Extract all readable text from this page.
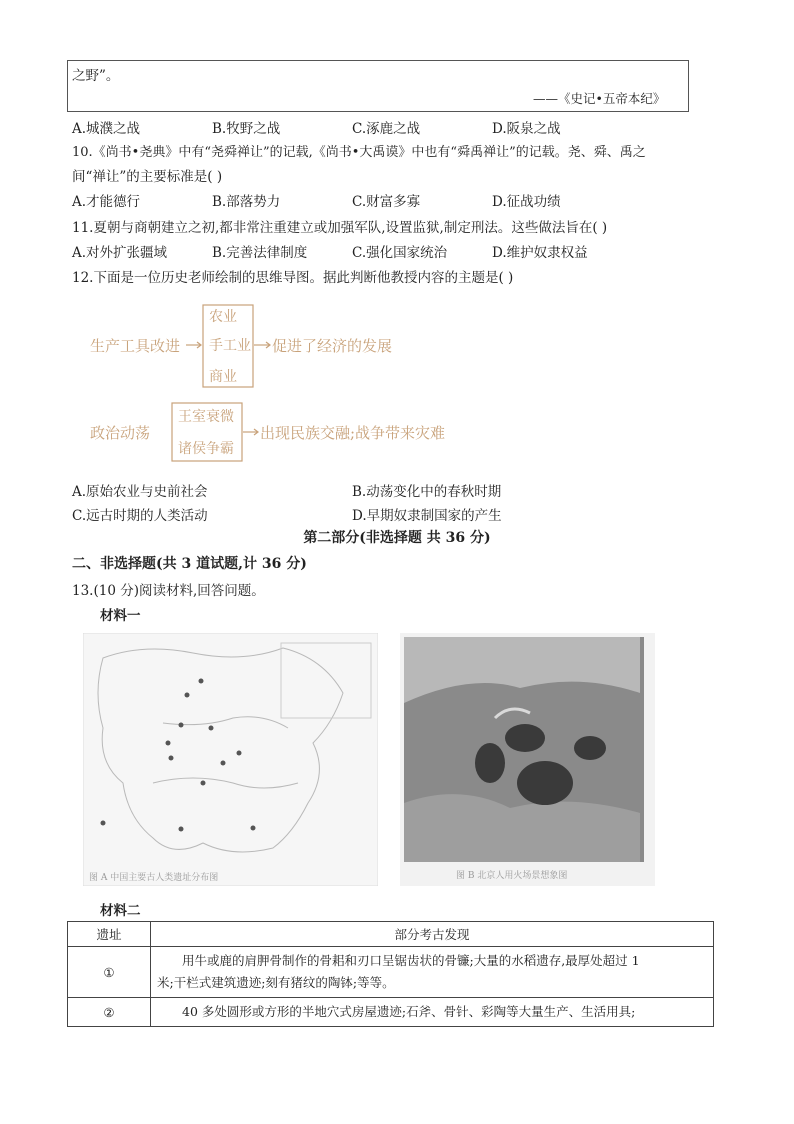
之野”。
——《史记•五帝本纪》
A.城濮之战	B.牧野之战	C.涿鹿之战	D.阪泉之战
10.《尚书•尧典》中有“尧舜禅让”的记载,《尚书•大禹谟》中也有“舜禹禅让”的记载。尧、舜、禹之
间“禅让”的主要标准是( )
A.才能德行	B.部落势力	C.财富多寡	D.征战功绩
11.夏朝与商朝建立之初,都非常注重建立或加强军队,设置监狱,制定刑法。这些做法旨在( )
A.对外扩张疆域	B.完善法律制度	C.强化国家统治	D.维护奴隶权益
12.下面是一位历史老师绘制的思维导图。据此判断他教授内容的主题是( )
生产工具改进
农业
手工业
商业
促进了经济的发展
政治动荡
王室衰微
诸侯争霸
出现民族交融;战争带来灾难
A.原始农业与史前社会	B.动荡变化中的春秋时期
C.远古时期的人类活动	D.早期奴隶制国家的产生
第二部分(非选择题 共 36 分)
二、非选择题(共 3 道试题,计 36 分)
13.(10 分)阅读材料,回答问题。
材料一
图 A 中国主要古人类遗址分布图	图 B 北京人用火场景想象图
材料二
遗址	部分考古发现
①	用牛或鹿的肩胛骨制作的骨耜和刃口呈锯齿状的骨镰;大量的水稻遗存,最厚处超过 1
米;干栏式建筑遗迹;刻有猪纹的陶钵;等等。

②	40 多处圆形或方形的半地穴式房屋遗迹;石斧、骨针、彩陶等大量生产、生活用具;
